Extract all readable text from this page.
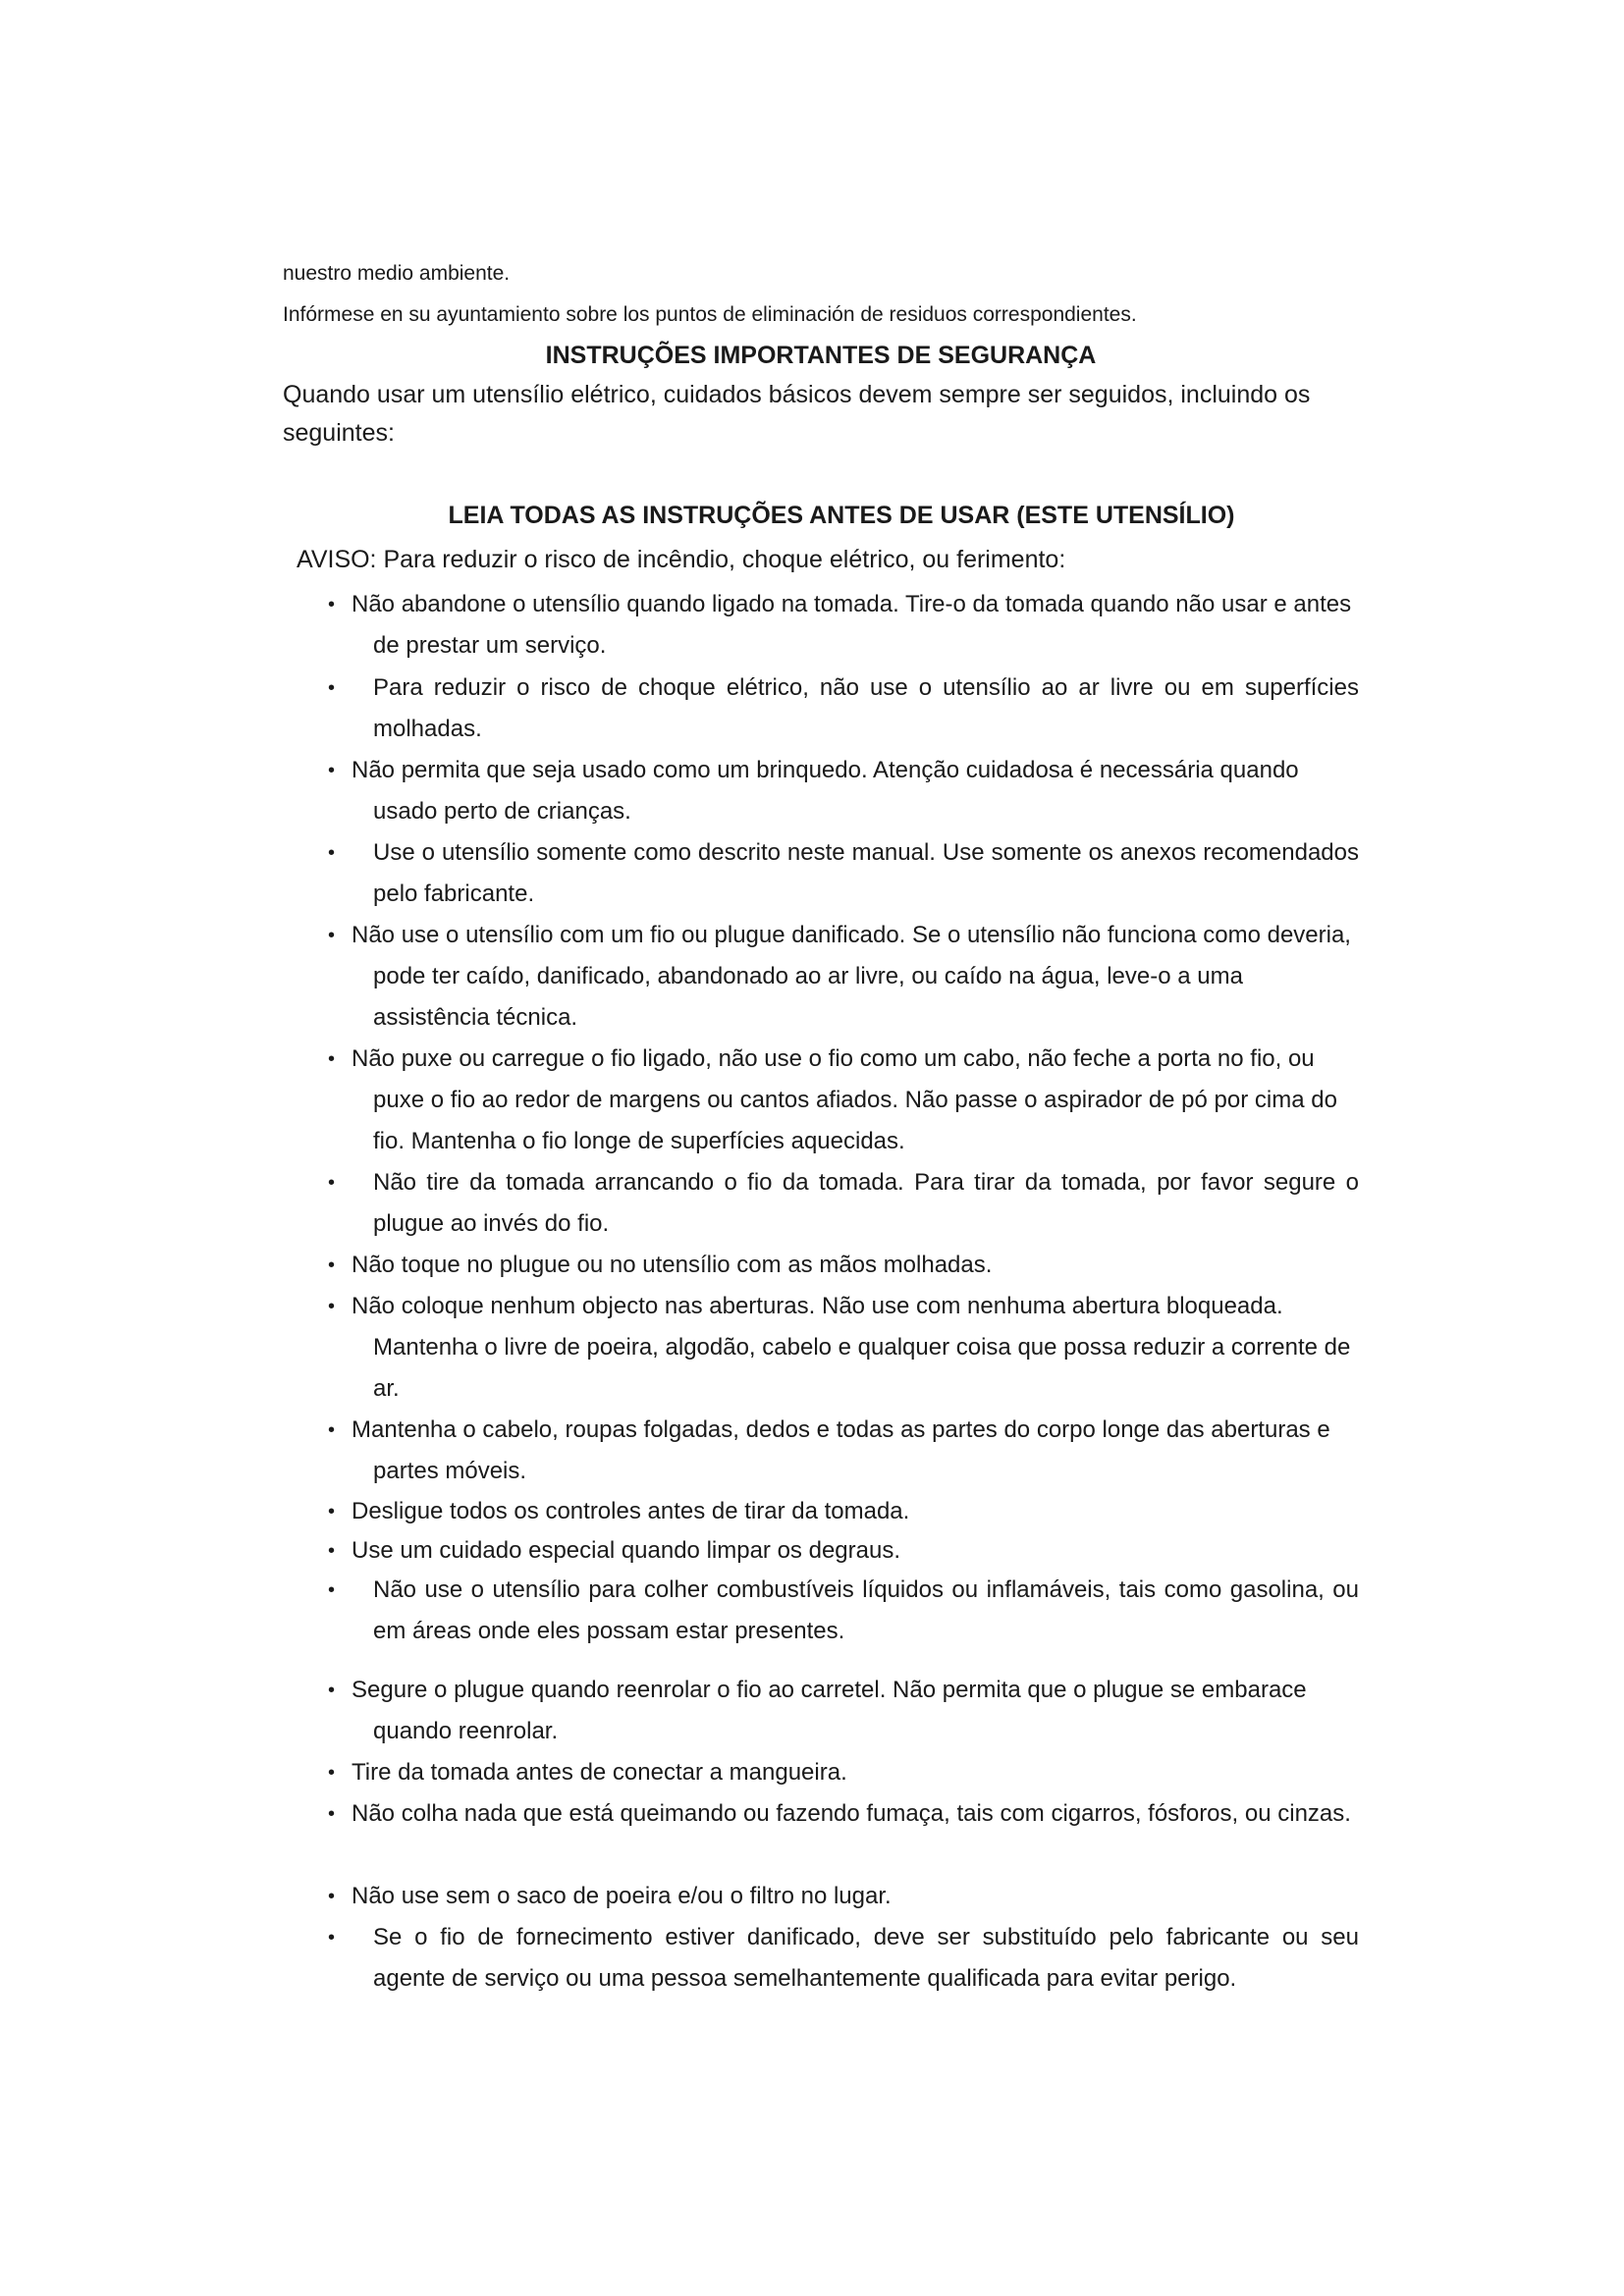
nuestro medio ambiente.
Infórmese en su ayuntamiento sobre los puntos de eliminación de residuos correspondientes.
INSTRUÇÕES IMPORTANTES DE SEGURANÇA
Quando usar um utensílio elétrico, cuidados básicos devem sempre ser seguidos, incluindo os seguintes:
LEIA TODAS AS INSTRUÇÕES ANTES DE USAR (ESTE UTENSÍLIO)
AVISO: Para reduzir o risco de incêndio, choque elétrico, ou ferimento:
• Não abandone o utensílio quando ligado na tomada. Tire-o da tomada quando não usar e antes de prestar um serviço.
•	Para reduzir o risco de choque elétrico, não use o utensílio ao ar livre ou em superfícies molhadas.
• Não permita que seja usado como um brinquedo. Atenção cuidadosa é necessária quando usado perto de crianças.
•	Use o utensílio somente como descrito neste manual. Use somente os anexos recomendados pelo fabricante.
• Não use o utensílio com um fio ou plugue danificado. Se o utensílio não funciona como deveria, pode ter caído, danificado, abandonado ao ar livre, ou caído na água, leve-o a uma assistência técnica.
• Não puxe ou carregue o fio ligado, não use o fio como um cabo, não feche a porta no fio, ou puxe o fio ao redor de margens ou cantos afiados. Não passe o aspirador de pó por cima do fio. Mantenha o fio longe de superfícies aquecidas.
•	Não tire da tomada arrancando o fio da tomada. Para tirar da tomada, por favor segure o plugue ao invés do fio.
• Não toque no plugue ou no utensílio com as mãos molhadas.
• Não coloque nenhum objecto nas aberturas. Não use com nenhuma abertura bloqueada. Mantenha o livre de poeira, algodão, cabelo e qualquer coisa que possa reduzir a corrente de ar.
• Mantenha o cabelo, roupas folgadas, dedos e todas as partes do corpo longe das aberturas e partes móveis.
• Desligue todos os controles antes de tirar da tomada.
• Use um cuidado especial quando limpar os degraus.
•	Não use o utensílio para colher combustíveis líquidos ou inflamáveis, tais como gasolina, ou em áreas onde eles possam estar presentes.
• Segure o plugue quando reenrolar o fio ao carretel. Não permita que o plugue se embarace quando reenrolar.
• Tire da tomada antes de conectar a mangueira.
• Não colha nada que está queimando ou fazendo fumaça, tais com cigarros, fósforos, ou cinzas.
• Não use sem o saco de poeira e/ou o filtro no lugar.
•	Se o fio de fornecimento estiver danificado, deve ser substituído pelo fabricante ou seu agente de serviço ou uma pessoa semelhantemente qualificada para evitar perigo.
